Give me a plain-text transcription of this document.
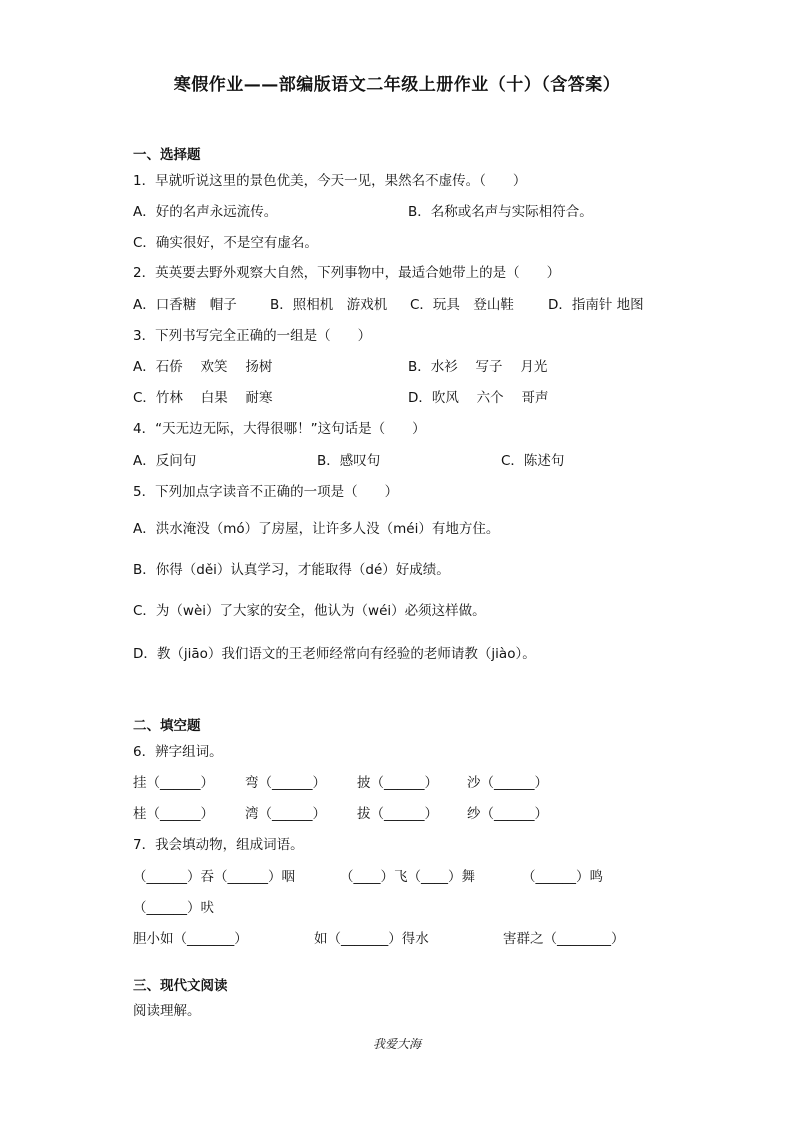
寒假作业——部编版语文二年级上册作业（十）（含答案）
一、选择题
1．早就听说这里的景色优美，今天一见，果然名不虚传。（　　）
A．好的名声永远流传。	B．名称或名声与实际相符合。
C．确实很好，不是空有虚名。
2．英英要去野外观察大自然，下列事物中，最适合她带上的是（　　）
A．口香糖　帽子 B．照相机　游戏机 C．玩具　登山鞋	D．指南针 地图
3．下列书写完全正确的一组是（　　）
A．石侨　 欢笑　 扬树	B．水衫　 写子　 月光
C．竹林　 白果　 耐寒	D．吹风　 六个　 哥声
4．“天无边无际，大得很哪！”这句话是（　　）
A．反问句	B．感叹句	C．陈述句
5．下列加点字读音不正确的一项是（　　）
A．洪水淹没（mó）了房屋，让许多人没（méi）有地方住。
B．你得（děi）认真学习，才能取得（dé）好成绩。
C．为（wèi）了大家的安全，他认为（wéi）必须这样做。
D．教（jiāo）我们语文的王老师经常向有经验的老师请教（jiào）。
二、填空题
6．辨字组词。
挂（______） 弯（______） 披（______） 沙（______）
桂（______） 湾（______） 拔（______） 纱（______）
7．我会填动物，组成词语。
（______）吞（______）咽	（____）飞（____）舞	（______）鸣
（______）吠
胆小如（_______）	如（_______）得水	害群之（________）
三、现代文阅读
阅读理解。
我爱大海
